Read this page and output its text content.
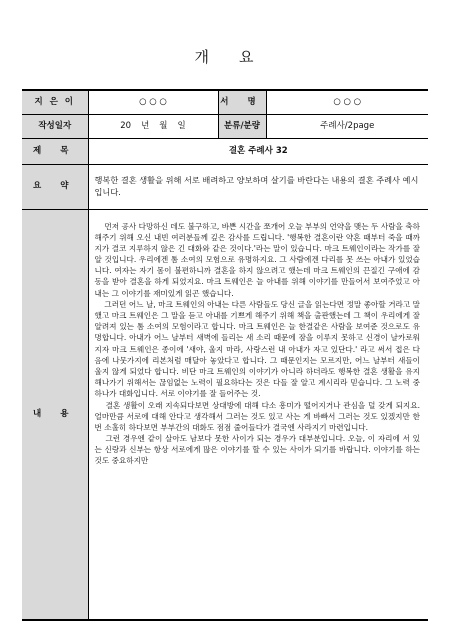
개 요
지 은 이	○ ○ ○	서 명	○ ○ ○
작성일자	20 년 월 일	분류/분량	주례사/2page
제 목	결혼 주례사 32		
요 약	행복한 결혼 생활을 위해 서로 배려하고 양보하며 살기를 바란다는 내용의 결혼 주례사 예시입니다.		
내 용	먼저 공사 다망하신 데도 불구하고, 바쁜 시간을 쪼개어 오늘 부부의 언약을 맺는 두 사람을 축하해주기 위해 오신 내빈 여러분들께 깊은 감사를 드립니다. '행복한 결혼이란 약혼 때부터 죽을 때까지가 결코 지루하지 않은 긴 대화와 같은 것이다.'라는 말이 있습니다. 마크 트웨인이라는 작가를 잘 알 것입니다. 우리에겐 톰 소여의 모험으로 유명하지요. 그 사람에겐 다리를 못 쓰는 아내가 있었습니다. 여자는 자기 몸이 불편하니까 결혼을 하지 않으려고 했는데 마크 트웨인의 끈질긴 구애에 감동을 받아 결혼을 하게 되었지요. 마크 트웨인은 늘 아내를 위해 이야기를 만들어서 보여주었고 아내는 그 이야기를 재미있게 읽곤 했습니다.

그러던 어느 날, 마크 트웨인의 아내는 다른 사람들도 당신 글을 읽는다면 정말 좋아할 거라고 말했고 마크 트웨인은 그 말을 듣고 아내를 기쁘게 해주기 위해 책을 출판했는데 그 책이 우리에게 잘 알려져 있는 톰 소여의 모험이라고 합니다. 마크 트웨인은 늘 한결같은 사람을 보여준 것으로도 유명합니다. 아내가 어느 날부터 새벽에 들리는 새 소리 때문에 잠을 이루지 못하고 신경이 날카로워지자 마크 트웨인은 종이에 '새야, 울지 마라, 사랑스런 내 아내가 자고 있단다.' 라고 써서 접은 다음에 나뭇가지에 리본처럼 매달아 놓았다고 합니다. 그 때문인지는 모르지만, 어느 날부터 새들이 울지 않게 되었다 합니다. 비단 마크 트웨인의 이야기가 아니라 하더라도 행복한 결혼 생활을 유지해나가기 위해서는 끊임없는 노력이 필요하다는 것은 다들 잘 알고 계시리라 믿습니다. 그 노력 중 하나가 대화입니다. 서로 이야기를 잘 들어주는 것.

결혼 생활이 오래 지속되다보면 상대방에 대해 다소 흥미가 떨어지거나 관심을 덜 갖게 되지요. 얼마만큼 서로에 대해 안다고 생각해서 그러는 것도 있고 사는 게 바빠서 그러는 것도 있겠지만 한번 소홀히 하다보면 부부간의 대화도 점점 줄어들다가 결국엔 사라지기 마련입니다.

그런 경우엔 같이 살아도 남보다 못한 사이가 되는 경우가 대부분입니다. 오늘, 이 자리에 서 있는 신랑과 신부는 항상 서로에게 많은 이야기를 할 수 있는 사이가 되기를 바랍니다. 이야기를 하는 것도 중요하지만		
